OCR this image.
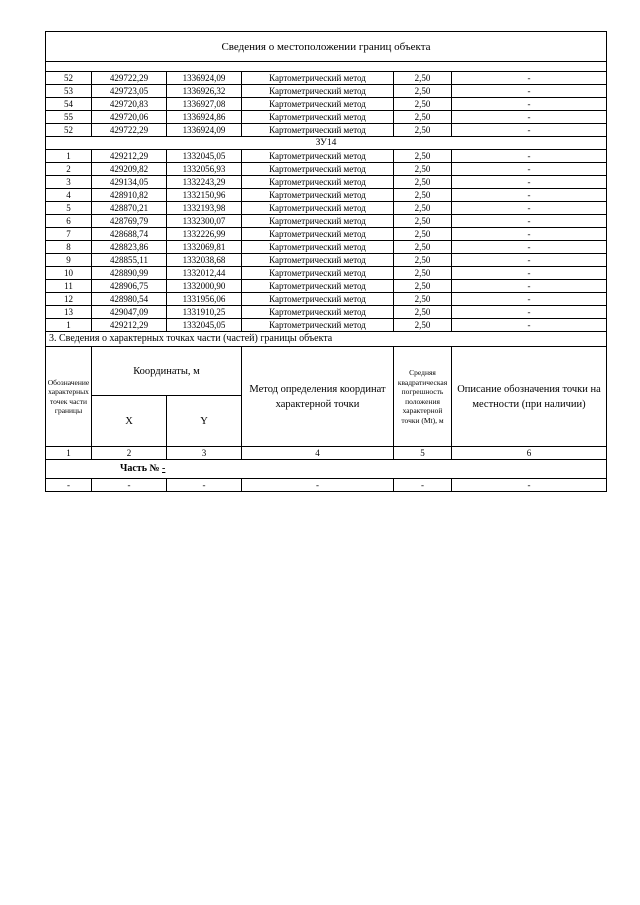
Сведения о местоположении границ объекта					

52	429722,29	1336924,09	Картометрический метод	2,50	-
53	429723,05	1336926,32	Картометрический метод	2,50	-
54	429720,83	1336927,08	Картометрический метод	2,50	-
55	429720,06	1336924,86	Картометрический метод	2,50	-
52	429722,29	1336924,09	Картометрический метод	2,50	-
ЗУ14					
1	429212,29	1332045,05	Картометрический метод	2,50	-
2	429209,82	1332056,93	Картометрический метод	2,50	-
3	429134,05	1332243,29	Картометрический метод	2,50	-
4	428910,82	1332150,96	Картометрический метод	2,50	-
5	428870,21	1332193,98	Картометрический метод	2,50	-
6	428769,79	1332300,07	Картометрический метод	2,50	-
7	428688,74	1332226,99	Картометрический метод	2,50	-
8	428823,86	1332069,81	Картометрический метод	2,50	-
9	428855,11	1332038,68	Картометрический метод	2,50	-
10	428890,99	1332012,44	Картометрический метод	2,50	-
11	428906,75	1332000,90	Картометрический метод	2,50	-
12	428980,54	1331956,06	Картометрический метод	2,50	-
13	429047,09	1331910,25	Картометрический метод	2,50	-
1	429212,29	1332045,05	Картометрический метод	2,50	-
3. Сведения о характерных точках части (частей) границы объекта					
Обозначение характерных точек части границы	Координаты, м		Метод определения координат характерной точки	Средняя квадратическая погрешность положения характерной точки (Mt), м	Описание обозначения точки на местности (при наличии)
	X	Y			
1	2	3	4	5	6
Часть № -					
-	-	-	-	-	-
